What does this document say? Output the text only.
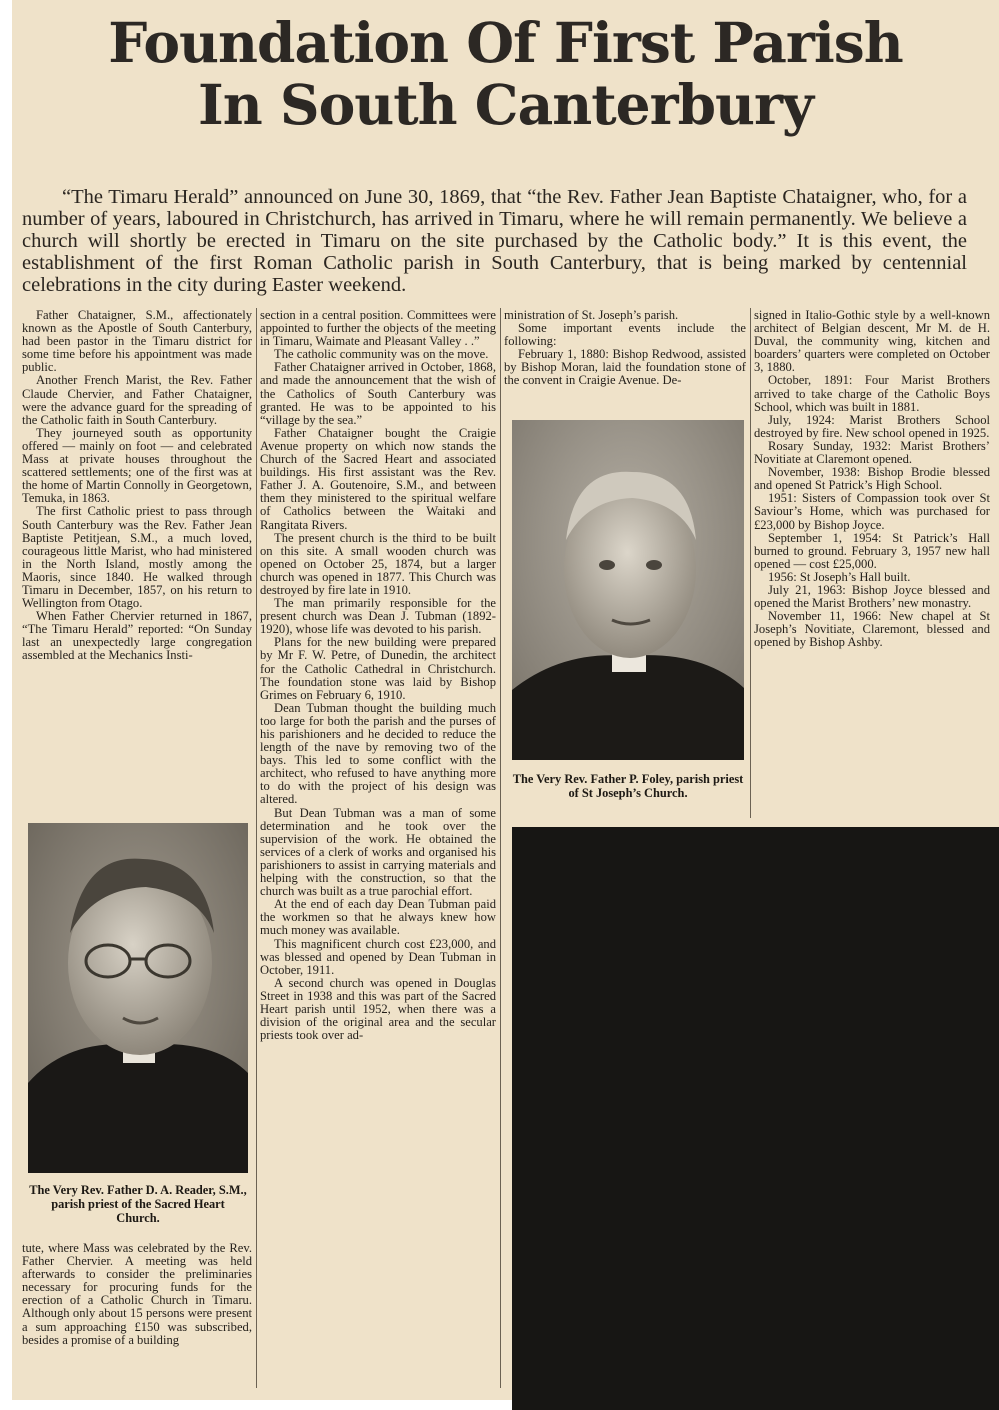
Foundation Of First Parish
In South Canterbury
“The Timaru Herald” announced on June 30, 1869, that “the Rev. Father Jean Baptiste Chataigner, who, for a number of years, laboured in Christchurch, has arrived in Timaru, where he will remain permanently. We believe a church will shortly be erected in Timaru on the site purchased by the Catholic body.” It is this event, the establishment of the first Roman Catholic parish in South Canterbury, that is being marked by centennial celebrations in the city during Easter weekend.

Father Chataigner, S.M., affectionately known as the Apostle of South Canterbury, had been pastor in the Timaru district for some time before his appointment was made public.

Another French Marist, the Rev. Father Claude Chervier, and Father Chataigner, were the advance guard for the spreading of the Catholic faith in South Canterbury.

They journeyed south as opportunity offered — mainly on foot — and celebrated Mass at private houses throughout the scattered settlements; one of the first was at the home of Martin Connolly in Georgetown, Temuka, in 1863.

The first Catholic priest to pass through South Canterbury was the Rev. Father Jean Baptiste Petitjean, S.M., a much loved, courageous little Marist, who had ministered in the North Island, mostly among the Maoris, since 1840. He walked through Timaru in December, 1857, on his return to Wellington from Otago.

When Father Chervier returned in 1867, “The Timaru Herald” reported: “On Sunday last an unexpectedly large congregation assembled at the Mechanics Insti-

The Very Rev. Father D. A. Reader, S.M., parish priest of the Sacred Heart Church.

tute, where Mass was celebrated by the Rev. Father Chervier. A meeting was held afterwards to consider the preliminaries necessary for procuring funds for the erection of a Catholic Church in Timaru. Although only about 15 persons were present a sum approaching £150 was subscribed, besides a promise of a building

section in a central position. Committees were appointed to further the objects of the meeting in Timaru, Waimate and Pleasant Valley . .”

The catholic community was on the move.

Father Chataigner arrived in October, 1868, and made the announcement that the wish of the Catholics of South Canterbury was granted. He was to be appointed to his “village by the sea.”

Father Chataigner bought the Craigie Avenue property on which now stands the Church of the Sacred Heart and associated buildings. His first assistant was the Rev. Father J. A. Goutenoire, S.M., and between them they ministered to the spiritual welfare of Catholics between the Waitaki and Rangitata Rivers.

The present church is the third to be built on this site. A small wooden church was opened on October 25, 1874, but a larger church was opened in 1877. This Church was destroyed by fire late in 1910.

The man primarily responsible for the present church was Dean J. Tubman (1892-1920), whose life was devoted to his parish.

Plans for the new building were prepared by Mr F. W. Petre, of Dunedin, the architect for the Catholic Cathedral in Christchurch. The foundation stone was laid by Bishop Grimes on February 6, 1910.

Dean Tubman thought the building much too large for both the parish and the purses of his parishioners and he decided to reduce the length of the nave by removing two of the bays. This led to some conflict with the architect, who refused to have anything more to do with the project of his design was altered.

But Dean Tubman was a man of some determination and he took over the supervision of the work. He obtained the services of a clerk of works and organised his parishioners to assist in carrying materials and helping with the construction, so that the church was built as a true parochial effort.

At the end of each day Dean Tubman paid the workmen so that he always knew how much money was available.

This magnificent church cost £23,000, and was blessed and opened by Dean Tubman in October, 1911.

A second church was opened in Douglas Street in 1938 and this was part of the Sacred Heart parish until 1952, when there was a division of the original area and the secular priests took over ad-

ministration of St. Joseph’s parish.

Some important events include the following:

February 1, 1880: Bishop Redwood, assisted by Bishop Moran, laid the foundation stone of the convent in Craigie Avenue. De-

The Very Rev. Father P. Foley, parish priest of St Joseph’s Church.

signed in Italio-Gothic style by a well-known architect of Belgian descent, Mr M. de H. Duval, the community wing, kitchen and boarders’ quarters were completed on October 3, 1880.

October, 1891: Four Marist Brothers arrived to take charge of the Catholic Boys School, which was built in 1881.

July, 1924: Marist Brothers School destroyed by fire. New school opened in 1925.

Rosary Sunday, 1932: Marist Brothers’ Novitiate at Claremont opened.

November, 1938: Bishop Brodie blessed and opened St Patrick’s High School.

1951: Sisters of Compassion took over St Saviour’s Home, which was purchased for £23,000 by Bishop Joyce.

September 1, 1954: St Patrick’s Hall burned to ground. February 3, 1957 new hall opened — cost £25,000.

1956: St Joseph’s Hall built.

July 21, 1963: Bishop Joyce blessed and opened the Marist Brothers’ new monastry.

November 11, 1966: New chapel at St Joseph’s Novitiate, Claremont, blessed and opened by Bishop Ashby.
